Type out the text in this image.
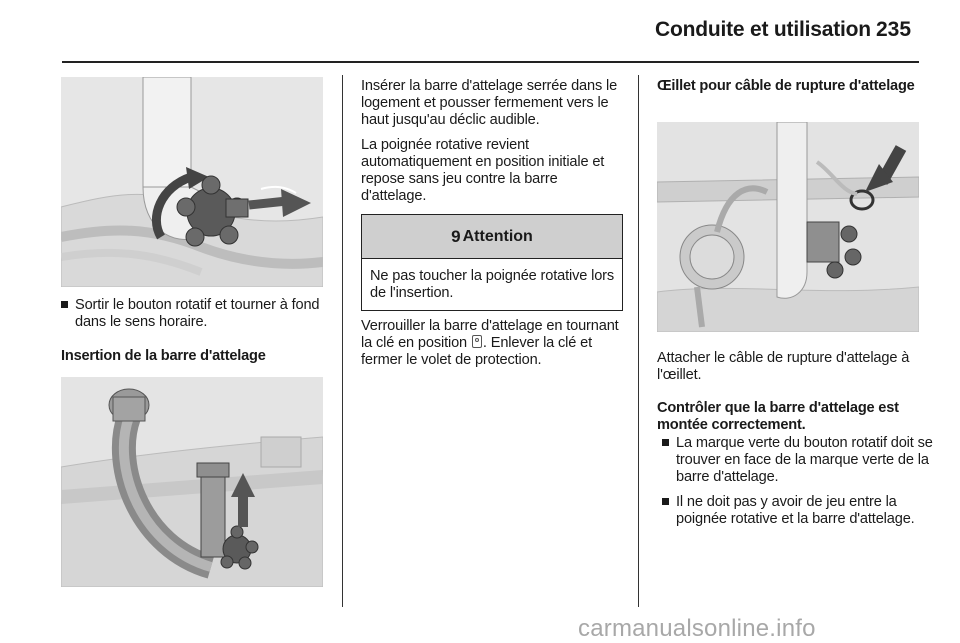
Conduite et utilisation 235
Sortir le bouton rotatif et tourner à fond dans le sens horaire.
Insertion de la barre d'attelage

Insérer la barre d'attelage serrée dans le logement et pousser fermement vers le haut jusqu'au déclic audible.

La poignée rotative revient automatiquement en position initiale et repose sans jeu contre la barre d'attelage.

9 Attention
Ne pas toucher la poignée rotative lors de l'insertion.
Verrouiller la barre d'attelage en tournant la clé en position . Enlever la clé et fermer le volet de protection.
Œillet pour câble de rupture d'attelage
Attacher le câble de rupture d'attelage à l'œillet.
Contrôler que la barre d'attelage est montée correctement.
La marque verte du bouton rotatif doit se trouver en face de la marque verte de la barre d'attelage.
Il ne doit pas y avoir de jeu entre la poignée rotative et la barre d'attelage.
carmanualsonline.info
